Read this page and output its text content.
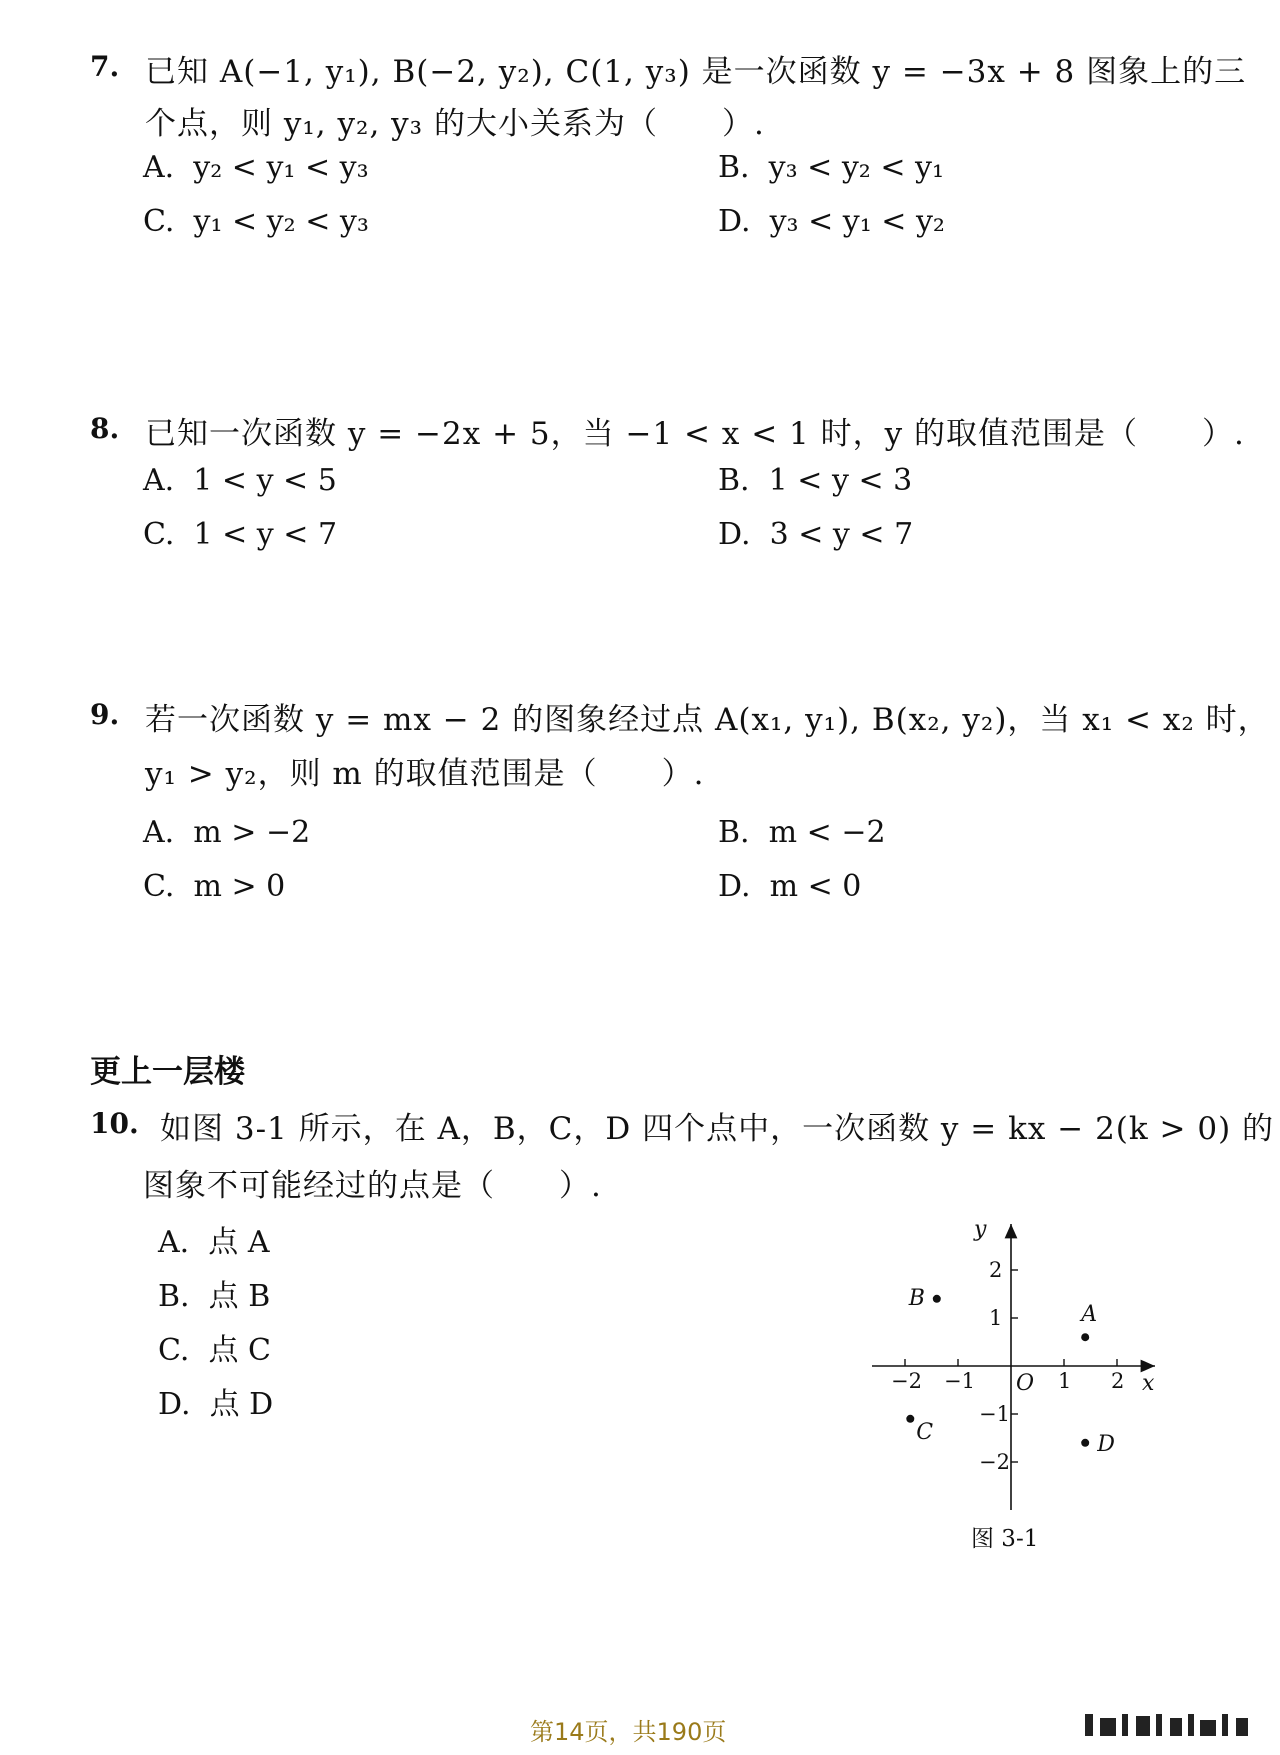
7. 已知 A(−1, y₁), B(−2, y₂), C(1, y₃) 是一次函数 y = −3x + 8 图象上的三
个点，则 y₁, y₂, y₃ 的大小关系为（　　）.
A. y₂ < y₁ < y₃	B. y₃ < y₂ < y₁
C. y₁ < y₂ < y₃	D. y₃ < y₁ < y₂
8. 已知一次函数 y = −2x + 5，当 −1 < x < 1 时，y 的取值范围是（　　）.
A. 1 < y < 5	B. 1 < y < 3
C. 1 < y < 7	D. 3 < y < 7
9. 若一次函数 y = mx − 2 的图象经过点 A(x₁, y₁), B(x₂, y₂)，当 x₁ < x₂ 时，
y₁ > y₂，则 m 的取值范围是（　　）.
A. m > −2	B. m < −2
C. m > 0	D. m < 0
更上一层楼
10. 如图 3-1 所示，在 A，B，C，D 四个点中，一次函数 y = kx − 2(k > 0) 的
图象不可能经过的点是（　　）.
A. 点 A
B. 点 B
C. 点 C
D. 点 D
x
y
O
−2 −1	1 2
2
1
−1
−2
A
B
C	D
图 3-1
第14页，共190页
